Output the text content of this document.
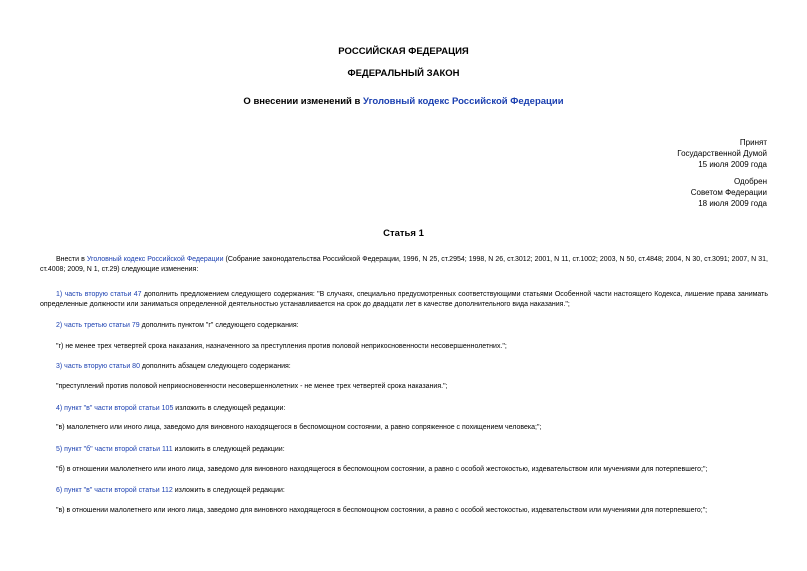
РОССИЙСКАЯ ФЕДЕРАЦИЯ
ФЕДЕРАЛЬНЫЙ ЗАКОН
О внесении изменений в Уголовный кодекс Российской Федерации
Принят
Государственной Думой
15 июля 2009 года
Одобрен
Советом Федерации
18 июля 2009 года
Статья 1
Внести в Уголовный кодекс Российской Федерации (Собрание законодательства Российской Федерации, 1996, N 25, ст.2954; 1998, N 26, ст.3012; 2001, N 11, ст.1002; 2003, N 50, ст.4848; 2004, N 30, ст.3091; 2007, N 31, ст.4008; 2009, N 1, ст.29) следующие изменения:
1) часть вторую статьи 47 дополнить предложением следующего содержания: "В случаях, специально предусмотренных соответствующими статьями Особенной части настоящего Кодекса, лишение права занимать определенные должности или заниматься определенной деятельностью устанавливается на срок до двадцати лет в качестве дополнительного вида наказания.";
2) часть третью статьи 79 дополнить пунктом "г" следующего содержания:
"г) не менее трех четвертей срока наказания, назначенного за преступления против половой неприкосновенности несовершеннолетних.";
3) часть вторую статьи 80 дополнить абзацем следующего содержания:
"преступлений против половой неприкосновенности несовершеннолетних - не менее трех четвертей срока наказания.";
4) пункт "в" части второй статьи 105 изложить в следующей редакции:
"в) малолетнего или иного лица, заведомо для виновного находящегося в беспомощном состоянии, а равно сопряженное с похищением человека;";
5) пункт "б" части второй статьи 111 изложить в следующей редакции:
"б) в отношении малолетнего или иного лица, заведомо для виновного находящегося в беспомощном состоянии, а равно с особой жестокостью, издевательством или мучениями для потерпевшего;";
6) пункт "в" части второй статьи 112 изложить в следующей редакции:
"в) в отношении малолетнего или иного лица, заведомо для виновного находящегося в беспомощном состоянии, а равно с особой жестокостью, издевательством или мучениями для потерпевшего;";
